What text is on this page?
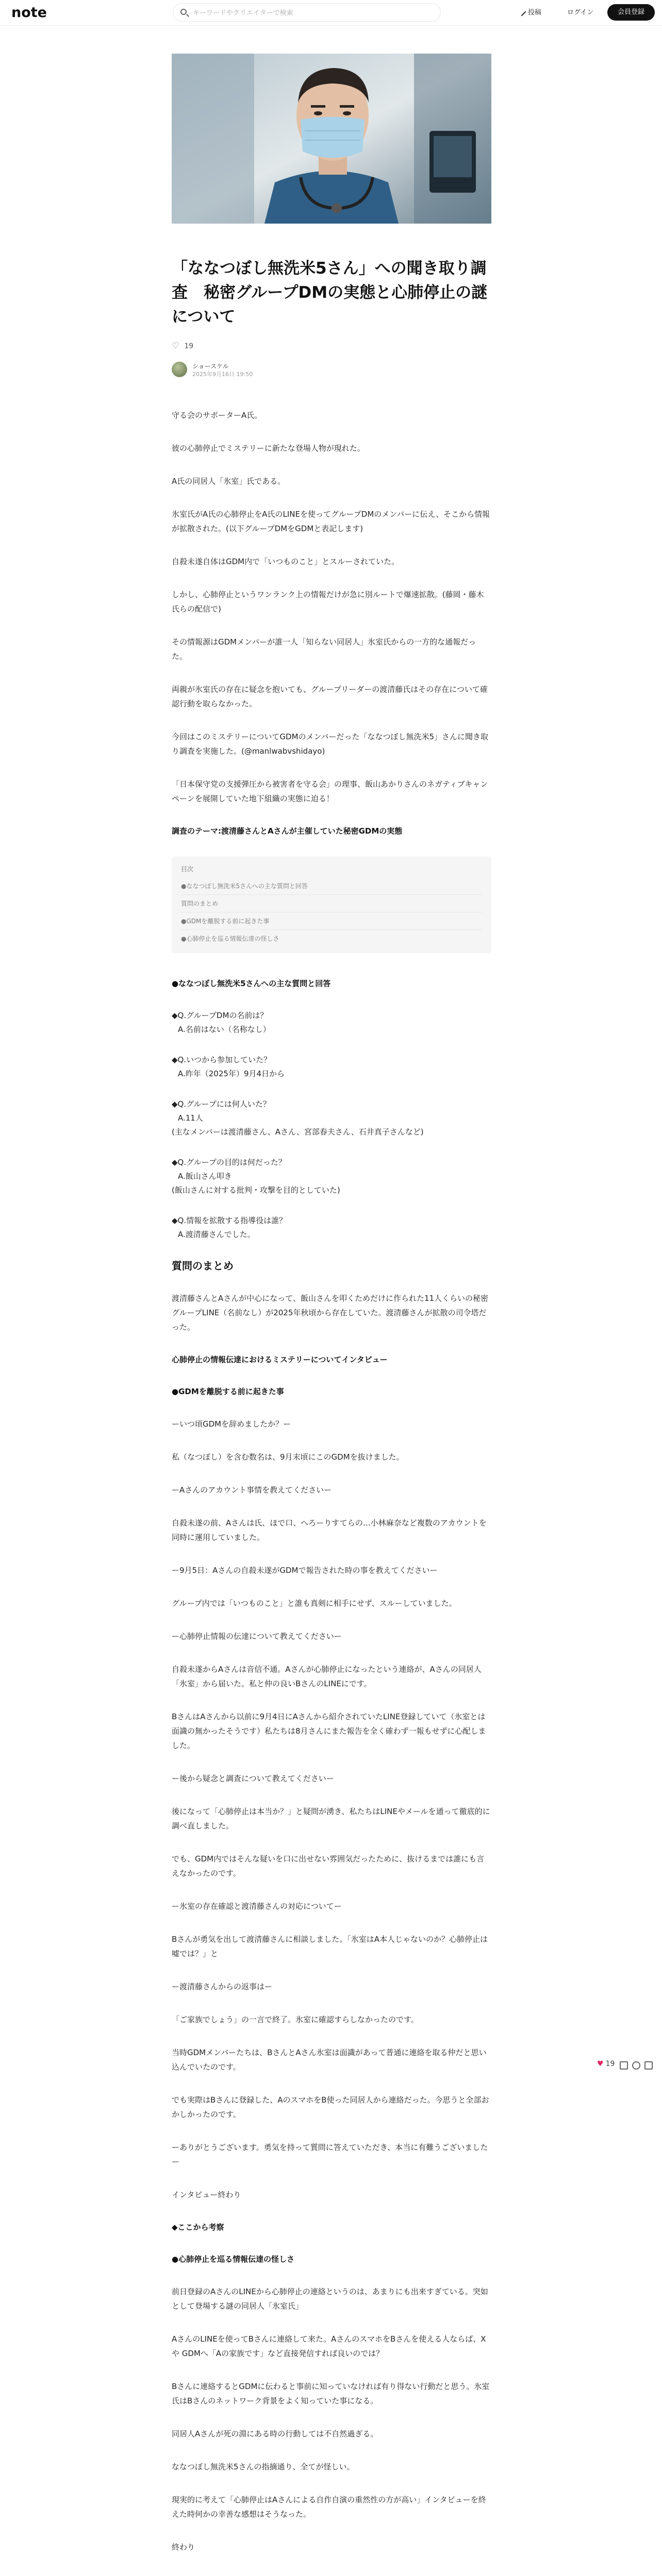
note
キーワードやクリエイターで検索	投稿	ログイン	会員登録
「ななつぼし無洗米5さん」への聞き取り調査　秘密グループDMの実態と心肺停止の謎について
♡ 19
ショースケル
2025年9月16日 19:50

守る会のサポーターA氏。

彼の心肺停止でミステリーに新たな登場人物が現れた。

A氏の同居人「氷室」氏である。

氷室氏がA氏の心肺停止をA氏のLINEを使ってグループDMのメンバーに伝え、そこから情報が拡散された。(以下グループDMをGDMと表記します)

自殺未遂自体はGDM内で「いつものこと」とスルーされていた。

しかし、心肺停止というワンランク上の情報だけが急に別ルートで爆速拡散。(藤岡・藤木氏らの配信で)

その情報源はGDMメンバーが誰一人「知らない同居人」氷室氏からの一方的な通報だった。

両親が氷室氏の存在に疑念を抱いても、グループリーダーの渡清藤氏はその存在について確認行動を取らなかった。

今回はこのミステリーについてGDMのメンバーだった「ななつぼし無洗米5」さんに聞き取り調査を実施した。(@manlwabvshidayo)

「日本保守党の支援弾圧から被害者を守る会」の理事、飯山あかりさんのネガティブキャンペーンを展開していた地下組織の実態に迫る！

調査のテーマ:渡清藤さんとAさんが主催していた秘密GDMの実態
目次
●ななつぼし無洗米5さんへの主な質問と回答
質問のまとめ
●GDMを離脱する前に起きた事
●心肺停止を巡る情報伝達の怪しさ
●ななつぼし無洗米5さんへの主な質問と回答
◆Q.グループDMの名前は？
A.名前はない（名称なし）
◆Q.いつから参加していた？
A.昨年（2025年）9月4日から
◆Q.グループには何人いた？
A.11人
(主なメンバーは渡清藤さん、Aさん、宮部春夫さん、石井真子さんなど)
◆Q.グループの目的は何だった？
A.飯山さん叩き
(飯山さんに対する批判・攻撃を目的としていた)
◆Q.情報を拡散する指導役は誰？
A.渡清藤さんでした。
質問のまとめ

渡清藤さんとAさんが中心になって、飯山さんを叩くためだけに作られた11人くらいの秘密グループLINE（名前なし）が2025年秋頃から存在していた。渡清藤さんが拡散の司令塔だった。

心肺停止の情報伝達におけるミステリーについてインタビュー
●GDMを離脱する前に起きた事

ーいつ頃GDMを辞めましたか？ー

私（なつぼし）を含む数名は、9月末頃にこのGDMを抜けました。

ーAさんのアカウント事情を教えてくださいー

自殺未遂の前、Aさんは氏、ほで口、へろーりすてらの…小林麻奈など複数のアカウントを同時に運用していました。

ー9月5日：Aさんの自殺未遂がGDMで報告された時の事を教えてくださいー

グループ内では「いつものこと」と誰も真剣に相手にせず、スルーしていました。

ー心肺停止情報の伝達について教えてくださいー

自殺未遂からAさんは音信不通。Aさんが心肺停止になったという連絡が、Aさんの同居人「氷室」から届いた。私と仲の良いBさんのLINEにです。

BさんはAさんから以前に9月4日にAさんから紹介されていたLINE登録していて（氷室とは面識の無かったそうです）私たちは8月さんにまた報告を全く確わず一報もせずに心配しました。

ー後から疑念と調査について教えてくださいー

後になって「心肺停止は本当か？」と疑問が湧き、私たちはLINEやメールを通って徹底的に調べ直しました。

でも、GDM内ではそんな疑いを口に出せない雰囲気だったために、抜けるまでは誰にも言えなかったのです。

ー氷室の存在確認と渡清藤さんの対応についてー

Bさんが勇気を出して渡清藤さんに相談しました。「氷室はA本人じゃないのか？心肺停止は嘘では？」と

ー渡清藤さんからの返事はー

「ご家族でしょう」の一言で終了。氷室に確認すらしなかったのです。

当時GDMメンバーたちは、BさんとAさん氷室は面識があって普通に連絡を取る仲だと思い込んでいたのです。

でも実際はBさんに登録した、AのスマホをB使った同居人から連絡だった。今思うと全部おかしかったのです。

ーありがとうございます。勇気を持って質問に答えていただき、本当に有難うございましたー

インタビュー終わり

◆ここから考察
●心肺停止を巡る情報伝達の怪しさ

前日登録のAさんのLINEから心肺停止の連絡というのは、あまりにも出来すぎている。突如として登場する謎の同居人「氷室氏」

AさんのLINEを使ってBさんに連絡して来た。AさんのスマホをBさんを使える人ならば、Xや GDMへ「Aの家族です」など直接発信すれば良いのでは？

Bさんに連絡するとGDMに伝わると事前に知っていなければ有り得ない行動だと思う。氷室氏はBさんのネットワーク背景をよく知っていた事になる。

同居人Aさんが死の淵にある時の行動しては不自然過ぎる。

ななつぼし無洗米5さんの指摘通り、全てが怪しい。

現実的に考えて「心肺停止はAさんによる自作自演の重然性の方が高い」インタビューを終えた時何かの幸善な感想はそうなった。

終わり

♥ 19
